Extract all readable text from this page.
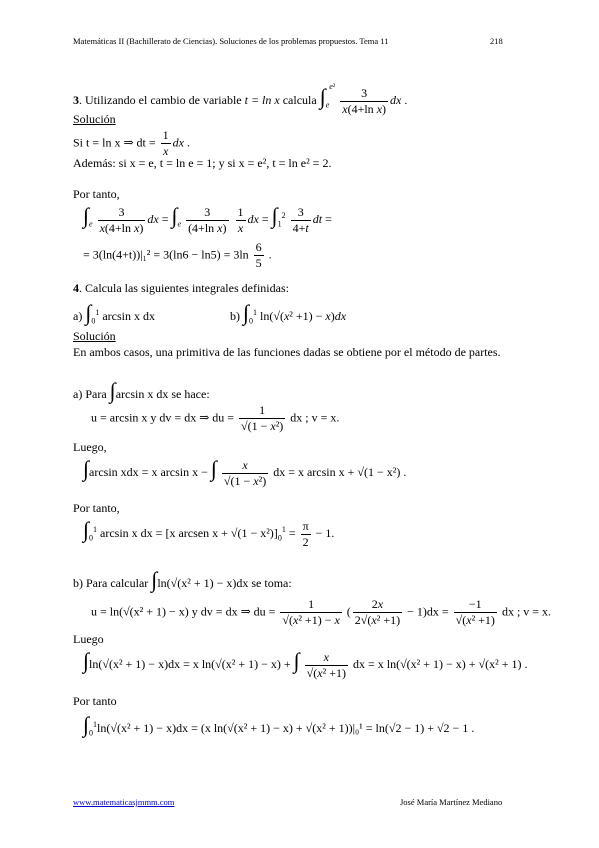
Matemáticas II (Bachillerato de Ciencias). Soluciones de los problemas propuestos. Tema 11	218
3. Utilizando el cambio de variable t = ln x calcula $\int_e^{e^2} \frac{3}{\text{x(4+ln x)}}$ dx .
Solución
Si t = ln x ⇒ dt = $\frac{1}{x}$ dx .
Además: si x = e, t = ln e = 1; y si x = e², t = ln e² = 2.
Por tanto,
$\int_e \frac{3}{\text{x(4+ln x)}}$ dx = $\int_e \frac{3}{\text{(4+ln x)}}$
$\frac{1}{x}$ dx = $\int_1^2 \frac{3}{4+t}$ dt =
= $3(\ln(4+t))|_1^2 = 3(\ln 6 - \ln 5) = 3\ln \frac{6}{5}$ .
4. Calcula las siguientes integrales definidas:
a) $\int_0^1$ arcsin x dx	b) $\int_0^1$ ln(√(x² +1) − x)dx
Solución
En ambos casos, una primitiva de las funciones dadas se obtiene por el método de partes.
a) Para ∫arcsin x dx se hace:
u = arcsin x y dv = dx ⇒ du = $\frac{1}{\text{√(1 − x²)}}$ dx ; v = x.
Luego,
∫arcsin xdx = x arcsin x − ∫ $\frac{x}{\text{√(1 − x²)}}$ dx = x arcsin x + √(1 − x²) .
Por tanto,
$\int_0^1$ arcsin x dx = [x arcsen $x + √(1 - x^2)]_0^1 = \frac{\pi}{2} - 1$.
b) Para calcular ∫ln(√(x² + 1) − x)dx se toma:
u = ln(√(x² + 1) − x) y dv = dx ⇒ du = $\frac{1}{\text{√(x² +1) − x}}$ ( $\frac{2x}{\text{2√(x² +1)}} - 1)dx = \frac{-1}{\text{√(x² +1)}}$ dx ; v = x.
Luego
∫ln(√(x² + 1) − x)dx = x ln(√(x² + 1) − x) + ∫ $\frac{x}{\text{√(x² +1)}}$ dx = x ln(√(x² + 1) − x) + √(x² + 1) .
Por tanto
$\int_0^1\ln(√(x^2 + 1) - x)dx = (x$ ln(√(x² + 1) − x) + √(x² + 1))|₀¹ = ln(√2 − 1) + √2 − 1 .
www.matematicasjmmm.com	José María Martínez Mediano
